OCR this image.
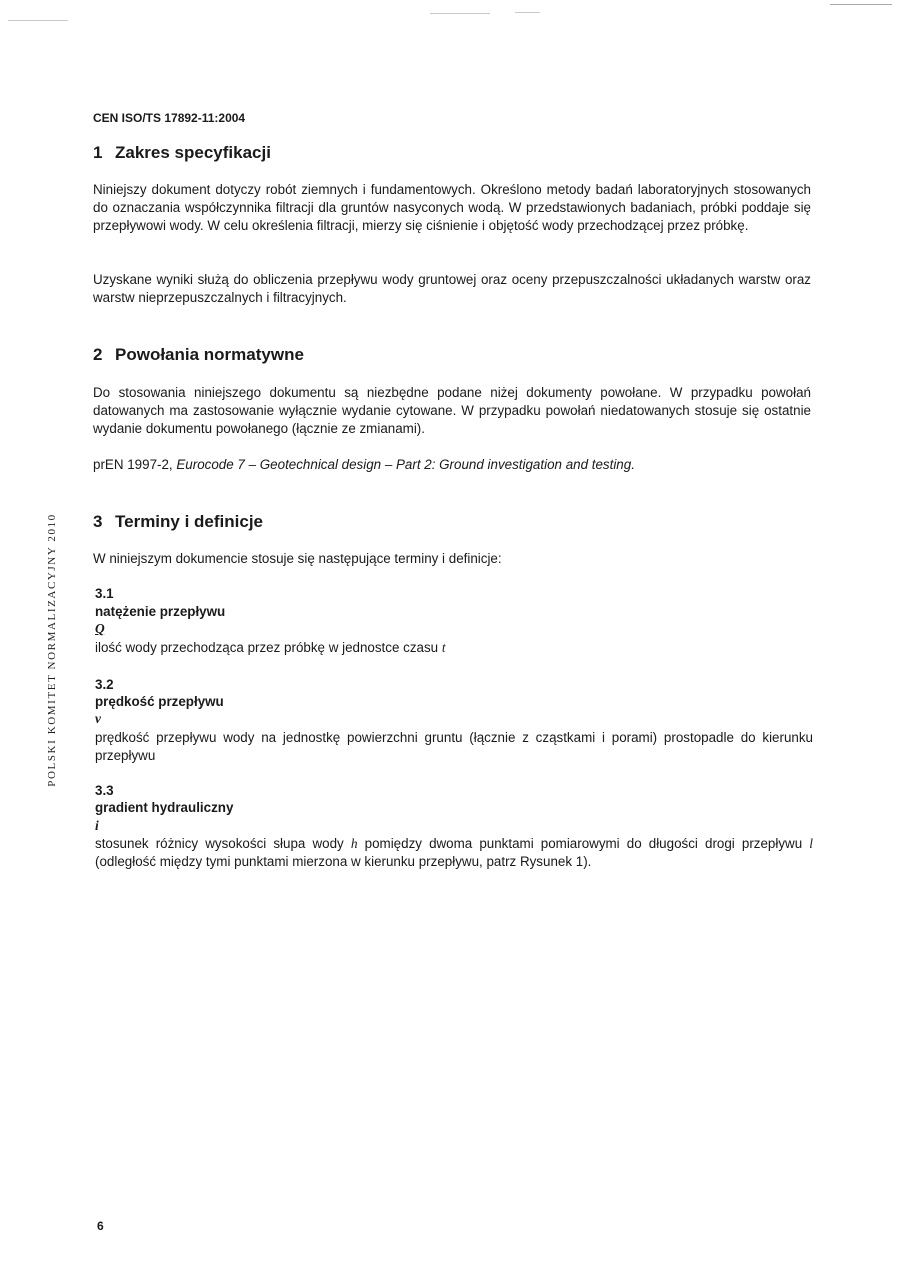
CEN ISO/TS 17892-11:2004
1 Zakres specyfikacji
Niniejszy dokument dotyczy robót ziemnych i fundamentowych. Określono metody badań laboratoryjnych stosowanych do oznaczania współczynnika filtracji dla gruntów nasyconych wodą. W przedstawionych badaniach, próbki poddaje się przepływowi wody. W celu określenia filtracji, mierzy się ciśnienie i objętość wody przechodzącej przez próbkę.
Uzyskane wyniki służą do obliczenia przepływu wody gruntowej oraz oceny przepuszczalności układanych warstw oraz warstw nieprzepuszczalnych i filtracyjnych.
2 Powołania normatywne
Do stosowania niniejszego dokumentu są niezbędne podane niżej dokumenty powołane. W przypadku powołań datowanych ma zastosowanie wyłącznie wydanie cytowane. W przypadku powołań niedatowanych stosuje się ostatnie wydanie dokumentu powołanego (łącznie ze zmianami).
prEN 1997-2, Eurocode 7 – Geotechnical design – Part 2: Ground investigation and testing.
3 Terminy i definicje
W niniejszym dokumencie stosuje się następujące terminy i definicje:
3.1
natężenie przepływu
Q
ilość wody przechodząca przez próbkę w jednostce czasu t
3.2
prędkość przepływu
v
prędkość przepływu wody na jednostkę powierzchni gruntu (łącznie z cząstkami i porami) prostopadle do kierunku przepływu
3.3
gradient hydrauliczny
i
stosunek różnicy wysokości słupa wody h pomiędzy dwoma punktami pomiarowymi do długości drogi przepływu l (odległość między tymi punktami mierzona w kierunku przepływu, patrz Rysunek 1).
POLSKI KOMITET NORMALIZACYJNY 2010
6
